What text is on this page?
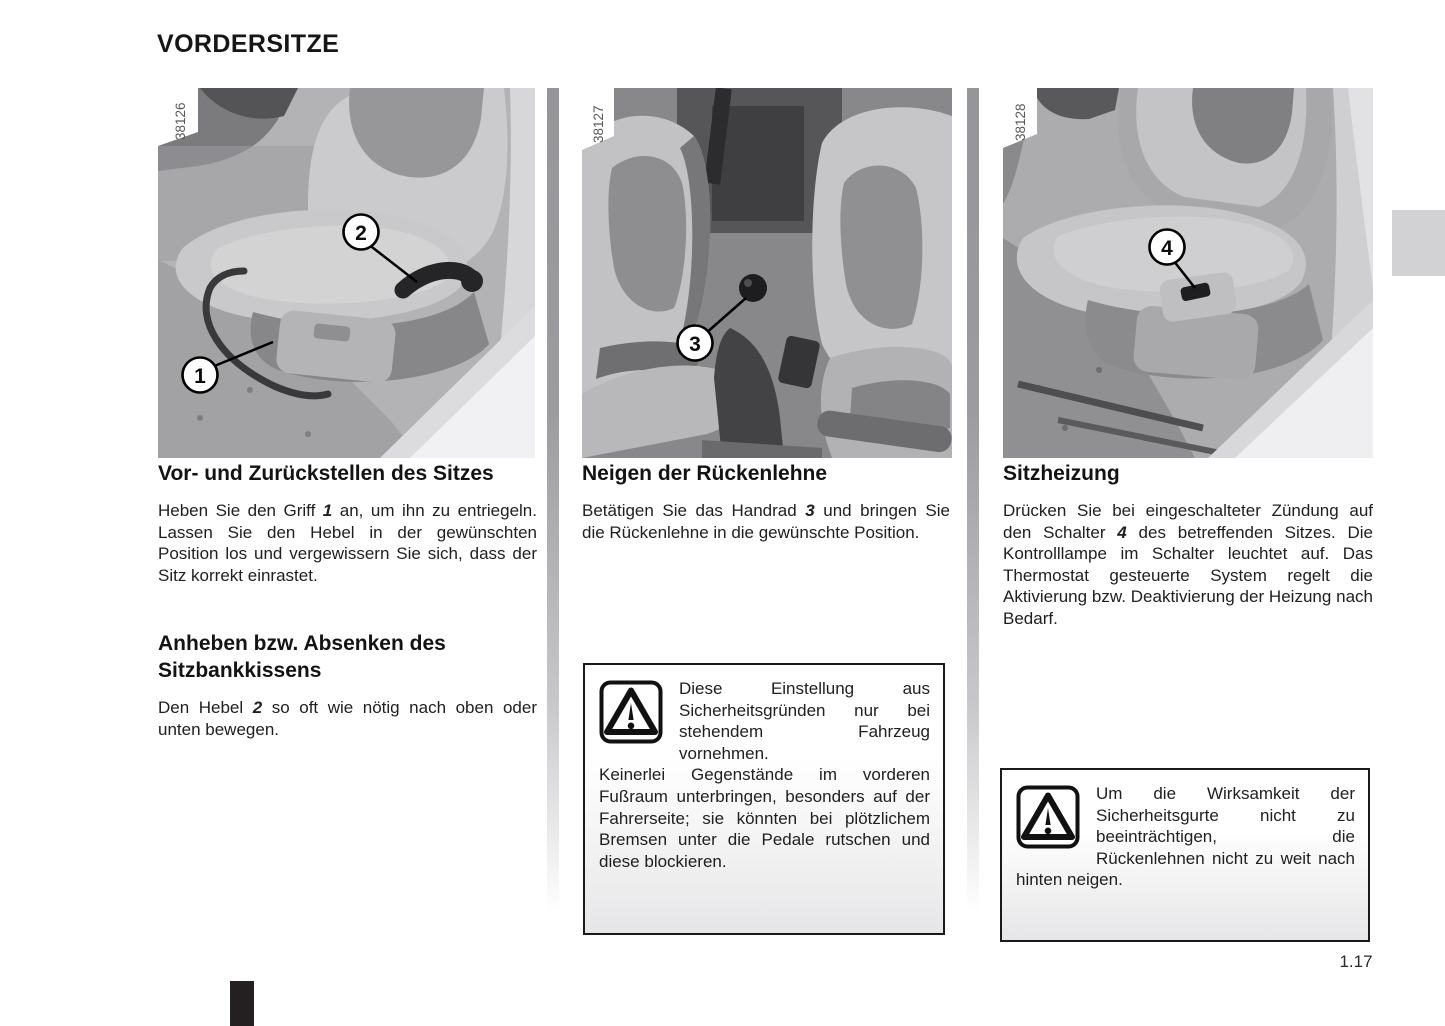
VORDERSITZE
38126
2
1
38127
3
38128
4
Vor- und Zurückstellen des Sitzes

Heben Sie den Griff 1 an, um ihn zu entriegeln. Lassen Sie den Hebel in der gewünschten Position los und vergewissern Sie sich, dass der Sitz korrekt einrastet.

Anheben bzw. Absenken des Sitzbankkissens

Den Hebel 2 so oft wie nötig nach oben oder unten bewegen.

Neigen der Rückenlehne

Betätigen Sie das Handrad 3 und bringen Sie die Rückenlehne in die gewünschte Position.

Sitzheizung

Drücken Sie bei eingeschalteter Zündung auf den Schalter 4 des betreffenden Sitzes. Die Kontrolllampe im Schalter leuchtet auf. Das Thermostat gesteuerte System regelt die Aktivierung bzw. Deaktivierung der Heizung nach Bedarf.

Diese Einstellung aus Sicherheitsgründen nur bei stehendem Fahrzeug vornehmen.

Keinerlei Gegenstände im vorderen Fußraum unterbringen, besonders auf der Fahrerseite; sie könnten bei plötzlichem Bremsen unter die Pedale rutschen und diese blockieren.

Um die Wirksamkeit der Sicherheitsgurte nicht zu beeinträchtigen, die Rückenlehnen nicht zu weit nach hinten neigen.

1.17
